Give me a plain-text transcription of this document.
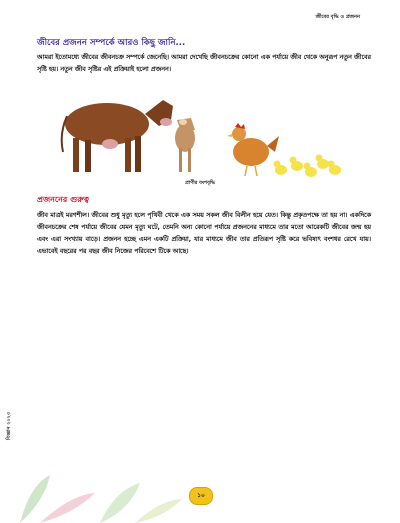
জীবের বৃদ্ধি ও প্রজনন
জীবের প্রজনন সম্পর্কে আরও কিছু জানি...
আমরা ইতোমধ্যে জীবের জীবনচক্র সম্পর্কে জেনেছি। আমরা দেখেছি জীবনচক্রের কোনো এক পর্যায়ে জীব থেকে অনুরূপ নতুন জীবের সৃষ্টি হয়। নতুন জীব সৃষ্টির এই প্রক্রিয়াই হলো প্রজনন।
প্রাণীর বংশবৃদ্ধি
প্রজননের গুরুত্ব
জীব মাত্রই মরণশীল। জীবের শুধু মৃত্যু হলে পৃথিবী থেকে এক সময় সকল জীব বিলীন হয়ে যেত। কিন্তু প্রকৃতপক্ষে তা হয় না। একদিকে জীবনচক্রের শেষ পর্যায়ে জীবের যেমন মৃত্যু ঘটে, তেমনি অন্য কোনো পর্যায়ে প্রজননের মাধ্যমে তার মতো আরেকটি জীবের জন্ম হয় এবং এরা সংখ্যায় বাড়ে। প্রজনন হচ্ছে এমন একটি প্রক্রিয়া, যার মাধ্যমে জীব তার প্রতিরূপ সৃষ্টি করে ভবিষ্যৎ বংশধর রেখে যায়। এভাবেই বছরের পর বছর জীব নিজের পরিবেশে টিকে আছে।
বিজ্ঞান ২০২৩
১০
